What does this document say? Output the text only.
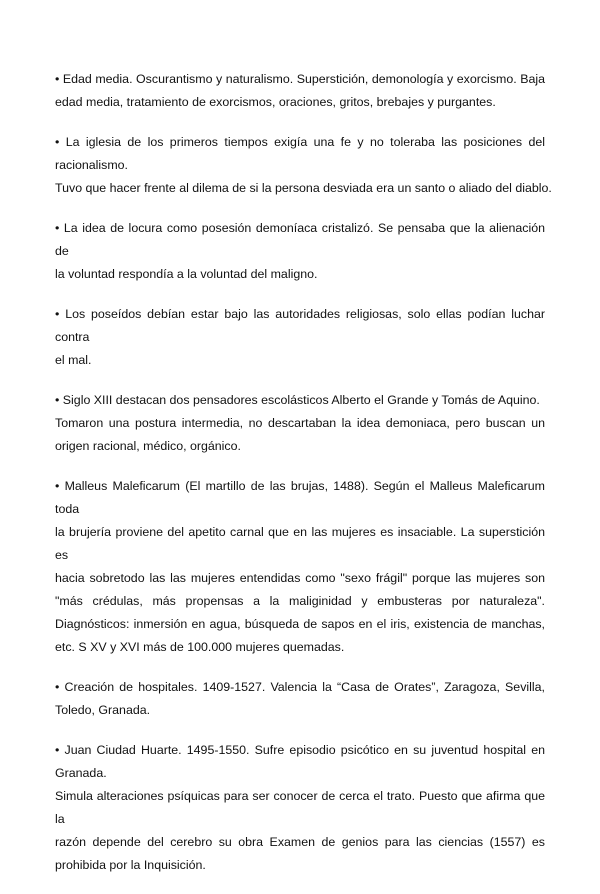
• Edad media. Oscurantismo y naturalismo. Superstición, demonología y exorcismo. Baja
edad media, tratamiento de exorcismos, oraciones, gritos, brebajes y purgantes.
• La iglesia de los primeros tiempos exigía una fe y no toleraba las posiciones del
racionalismo.
Tuvo que hacer frente al dilema de si la persona desviada era un santo o aliado del diablo.
• La idea de locura como posesión demoníaca cristalizó. Se pensaba que la alienación de
la voluntad respondía a la voluntad del maligno.
• Los poseídos debían estar bajo las autoridades religiosas, solo ellas podían luchar contra
el mal.
• Siglo XIII destacan dos pensadores escolásticos Alberto el Grande y Tomás de Aquino.
Tomaron una postura intermedia, no descartaban la idea demoniaca, pero buscan un
origen racional, médico, orgánico.
• Malleus Maleficarum (El martillo de las brujas, 1488). Según el Malleus Maleficarum toda
la brujería proviene del apetito carnal que en las mujeres es insaciable. La superstición es
hacia sobretodo las las mujeres entendidas como "sexo frágil" porque las mujeres son
"más crédulas, más propensas a la maliginidad y embusteras por naturaleza".
Diagnósticos: inmersión en agua, búsqueda de sapos en el iris, existencia de manchas,
etc. S XV y XVI más de 100.000 mujeres quemadas.
• Creación de hospitales. 1409-1527. Valencia la “Casa de Orates”, Zaragoza, Sevilla,
Toledo, Granada.
• Juan Ciudad Huarte. 1495-1550. Sufre episodio psicótico en su juventud hospital en
Granada.
Simula alteraciones psíquicas para ser conocer de cerca el trato. Puesto que afirma que la
razón depende del cerebro su obra Examen de genios para las ciencias (1557) es
prohibida por la Inquisición.
